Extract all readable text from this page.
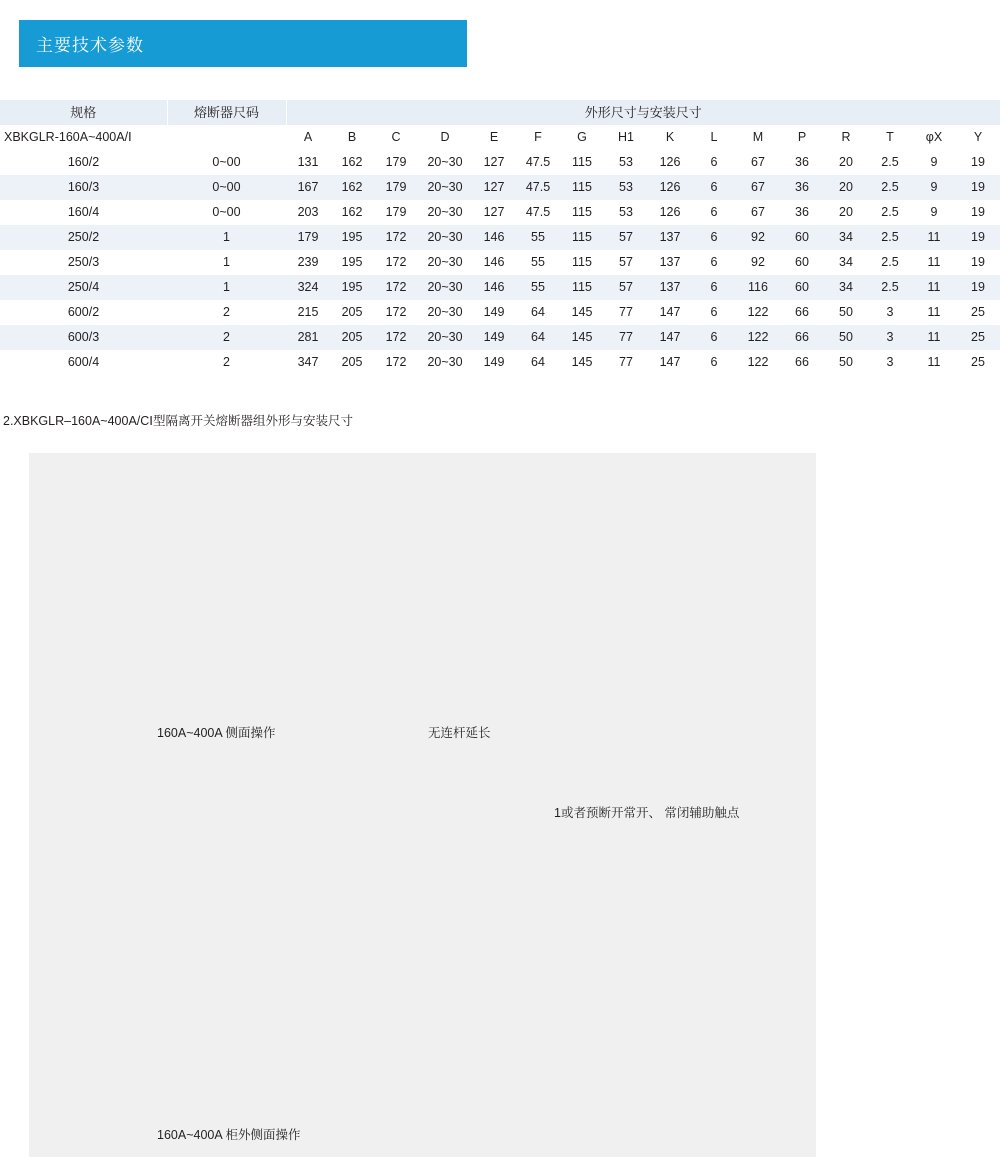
主要技术参数
规格	熔断器尺码	外形尺寸与安装尺寸															
XBKGLR-160A~400A/Ⅰ		A	B	C	D	E	F	G	H1	K	L	M	P	R	T	φX	Y
160/2	0~00	131	162	179	20~30	127	47.5	115	53	126	6	67	36	20	2.5	9	19
160/3	0~00	167	162	179	20~30	127	47.5	115	53	126	6	67	36	20	2.5	9	19
160/4	0~00	203	162	179	20~30	127	47.5	115	53	126	6	67	36	20	2.5	9	19
250/2	1	179	195	172	20~30	146	55	115	57	137	6	92	60	34	2.5	11	19
250/3	1	239	195	172	20~30	146	55	115	57	137	6	92	60	34	2.5	11	19
250/4	1	324	195	172	20~30	146	55	115	57	137	6	116	60	34	2.5	11	19
600/2	2	215	205	172	20~30	149	64	145	77	147	6	122	66	50	3	11	25
600/3	2	281	205	172	20~30	149	64	145	77	147	6	122	66	50	3	11	25
600/4	2	347	205	172	20~30	149	64	145	77	147	6	122	66	50	3	11	25
2.XBKGLR–160A~400A/CⅠ型隔离开关熔断器组外形与安装尺寸
160A~400A 侧面操作	无连杆延长
1或者预断开常开、 常闭辅助触点
160A~400A 柜外侧面操作
